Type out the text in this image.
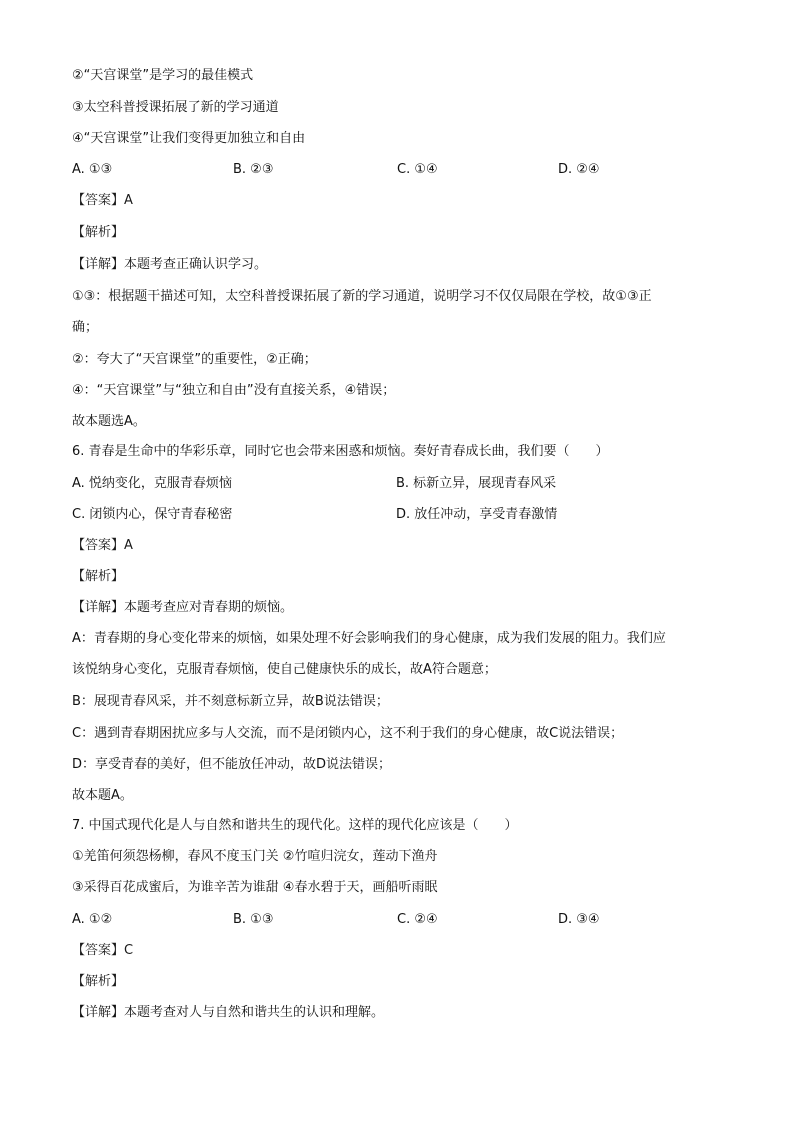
②“天宫课堂”是学习的最佳模式
③太空科普授课拓展了新的学习通道
④“天宫课堂”让我们变得更加独立和自由
A. ①③	B. ②③	C. ①④	D. ②④
【答案】A
【解析】
【详解】本题考查正确认识学习。
①③：根据题干描述可知，太空科普授课拓展了新的学习通道，说明学习不仅仅局限在学校，故①③正
确；
②：夸大了“天宫课堂”的重要性，②正确；
④：“天宫课堂”与“独立和自由”没有直接关系，④错误；
故本题选A。
6. 青春是生命中的华彩乐章，同时它也会带来困惑和烦恼。奏好青春成长曲，我们要（　　）
A. 悦纳变化，克服青春烦恼	B. 标新立异，展现青春风采
C. 闭锁内心，保守青春秘密	D. 放任冲动，享受青春激情
【答案】A
【解析】
【详解】本题考查应对青春期的烦恼。
A：青春期的身心变化带来的烦恼，如果处理不好会影响我们的身心健康，成为我们发展的阻力。我们应
该悦纳身心变化，克服青春烦恼，使自己健康快乐的成长，故A符合题意；
B：展现青春风采，并不刻意标新立异，故B说法错误；
C：遇到青春期困扰应多与人交流，而不是闭锁内心，这不利于我们的身心健康，故C说法错误；
D：享受青春的美好，但不能放任冲动，故D说法错误；
故本题A。
7. 中国式现代化是人与自然和谐共生的现代化。这样的现代化应该是（　　）
①羌笛何须怨杨柳，春风不度玉门关 ②竹喧归浣女，莲动下渔舟
③采得百花成蜜后，为谁辛苦为谁甜 ④春水碧于天，画船听雨眠
A. ①②	B. ①③	C. ②④	D. ③④
【答案】C
【解析】
【详解】本题考查对人与自然和谐共生的认识和理解。
